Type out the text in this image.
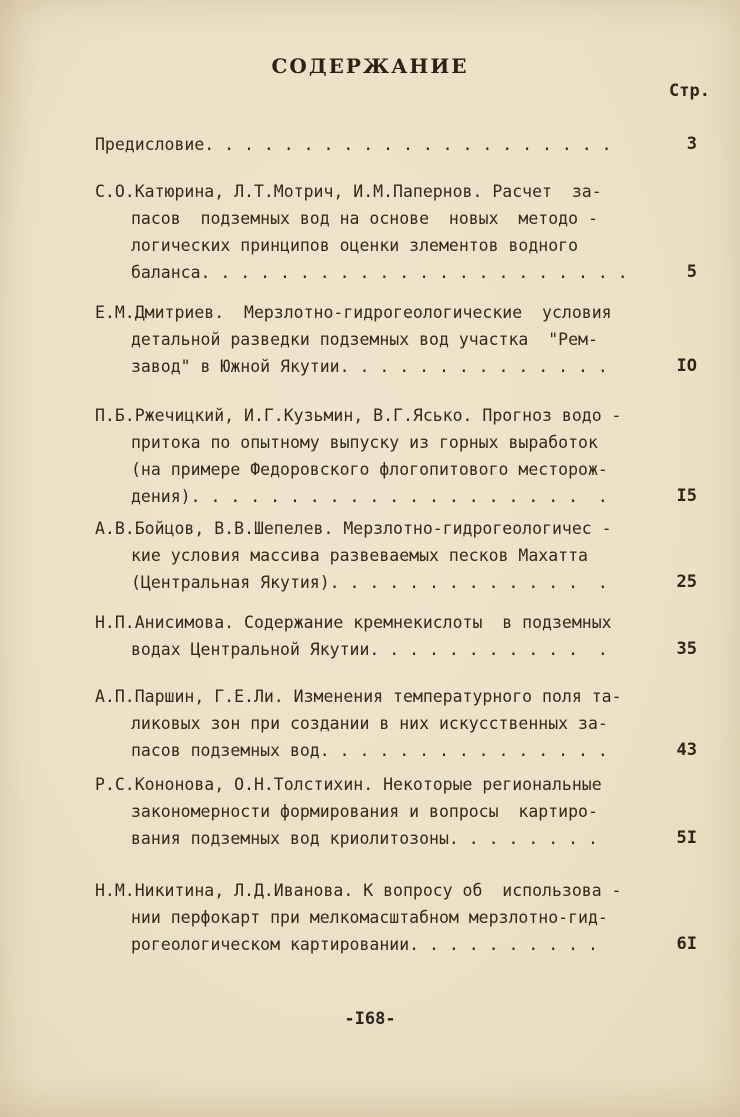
СОДЕРЖАНИЕ
Стр.
Предисловие. . . . . . . . . . . . . . . . . . . . .	3
С.О.Катюрина, Л.Т.Мотрич, И.М.Папернов. Расчет  за-
пасов  подземных вод на основе  новых  методо -
логических принципов оценки злементов водного
баланса. . . . . . . . . . . . . . . . . . . . . .	5
Е.М.Дмитриев.  Мерзлотно-гидрогеологические  условия
детальной разведки подземных вод участка  "Рем-
завод" в Южной Якутии. . . . . . . . . . . . . .	IO
П.Б.Ржечицкий, И.Г.Кузьмин, В.Г.Ясько. Прогноз водо -
притока по опытному выпуску из горных выработок
(на примере Федоровского флогопитового месторож-
дения). . . . . . . . . . . . . . . . . . . .  .	I5
А.В.Бойцов, В.В.Шепелев. Мерзлотно-гидрогеологичес -
кие условия массива развеваемых песков Махатта
(Центральная Якутия). . . . . . . . . . . . .  .	25
Н.П.Анисимова. Содержание кремнекислоты  в подземных
водах Центральной Якутии. . . . . . . . . . .  .	35
А.П.Паршин, Г.Е.Ли. Изменения температурного поля та-
ликовых зон при создании в них искусственных за-
пасов подземных вод. . . . . . . . . . . . . . .	43
Р.С.Кононова, О.Н.Толстихин. Некоторые региональные
закономерности формирования и вопросы  картиро-
вания подземных вод криолитозоны. . . . . . . .	5I
Н.М.Никитина, Л.Д.Иванова. К вопросу об  использова -
нии перфокарт при мелкомасштабном мерзлотно-гид-
рогеологическом картировании. . . . . . . . . .	6I
-I68-
